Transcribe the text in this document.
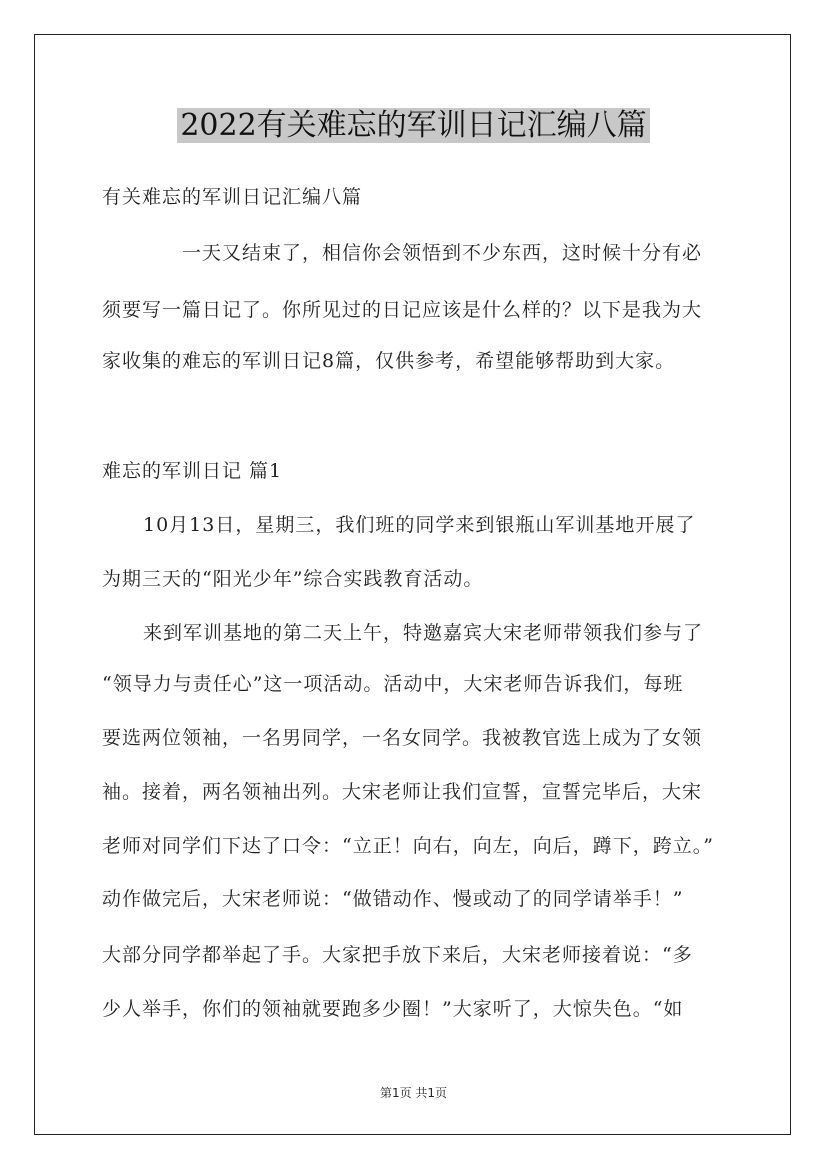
2022有关难忘的军训日记汇编八篇
有关难忘的军训日记汇编八篇
一天又结束了，相信你会领悟到不少东西，这时候十分有必
须要写一篇日记了。你所见过的日记应该是什么样的？以下是我为大
家收集的难忘的军训日记8篇，仅供参考，希望能够帮助到大家。
难忘的军训日记 篇1
10月13日，星期三，我们班的同学来到银瓶山军训基地开展了
为期三天的“阳光少年”综合实践教育活动。
来到军训基地的第二天上午，特邀嘉宾大宋老师带领我们参与了
“领导力与责任心”这一项活动。活动中，大宋老师告诉我们，每班
要选两位领袖，一名男同学，一名女同学。我被教官选上成为了女领
袖。接着，两名领袖出列。大宋老师让我们宣誓，宣誓完毕后，大宋
老师对同学们下达了口令：“立正！向右，向左，向后，蹲下，跨立。”
动作做完后，大宋老师说：“做错动作、慢或动了的同学请举手！”
大部分同学都举起了手。大家把手放下来后，大宋老师接着说：“多
少人举手，你们的领袖就要跑多少圈！”大家听了，大惊失色。“如
第1页 共1页
